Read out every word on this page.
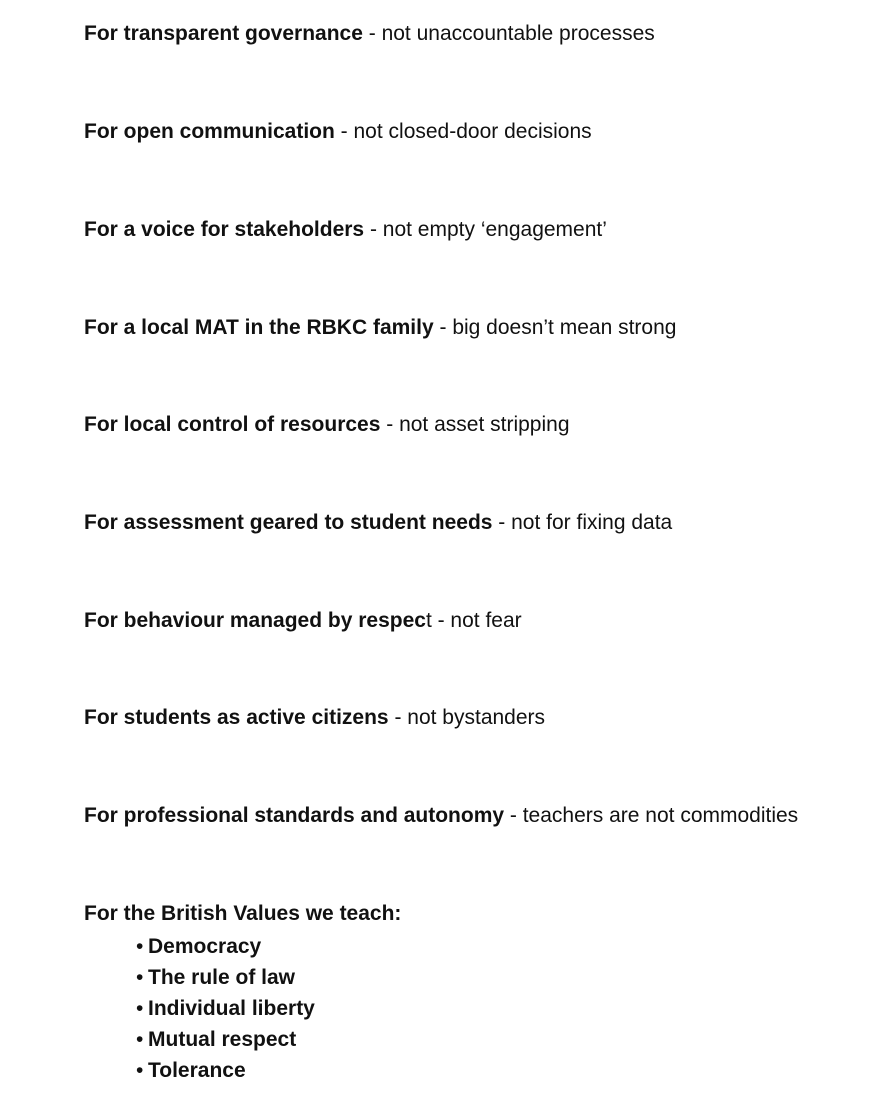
For transparent governance - not unaccountable processes
For open communication - not closed-door decisions
For a voice for stakeholders - not empty ‘engagement’
For a local MAT in the RBKC family - big doesn’t mean strong
For local control of resources - not asset stripping
For assessment geared to student needs - not for fixing data
For behaviour managed by respect - not fear
For students as active citizens - not bystanders
For professional standards and autonomy - teachers are not commodities
For the British Values we teach:
• Democracy
• The rule of law
• Individual liberty
• Mutual respect
• Tolerance
